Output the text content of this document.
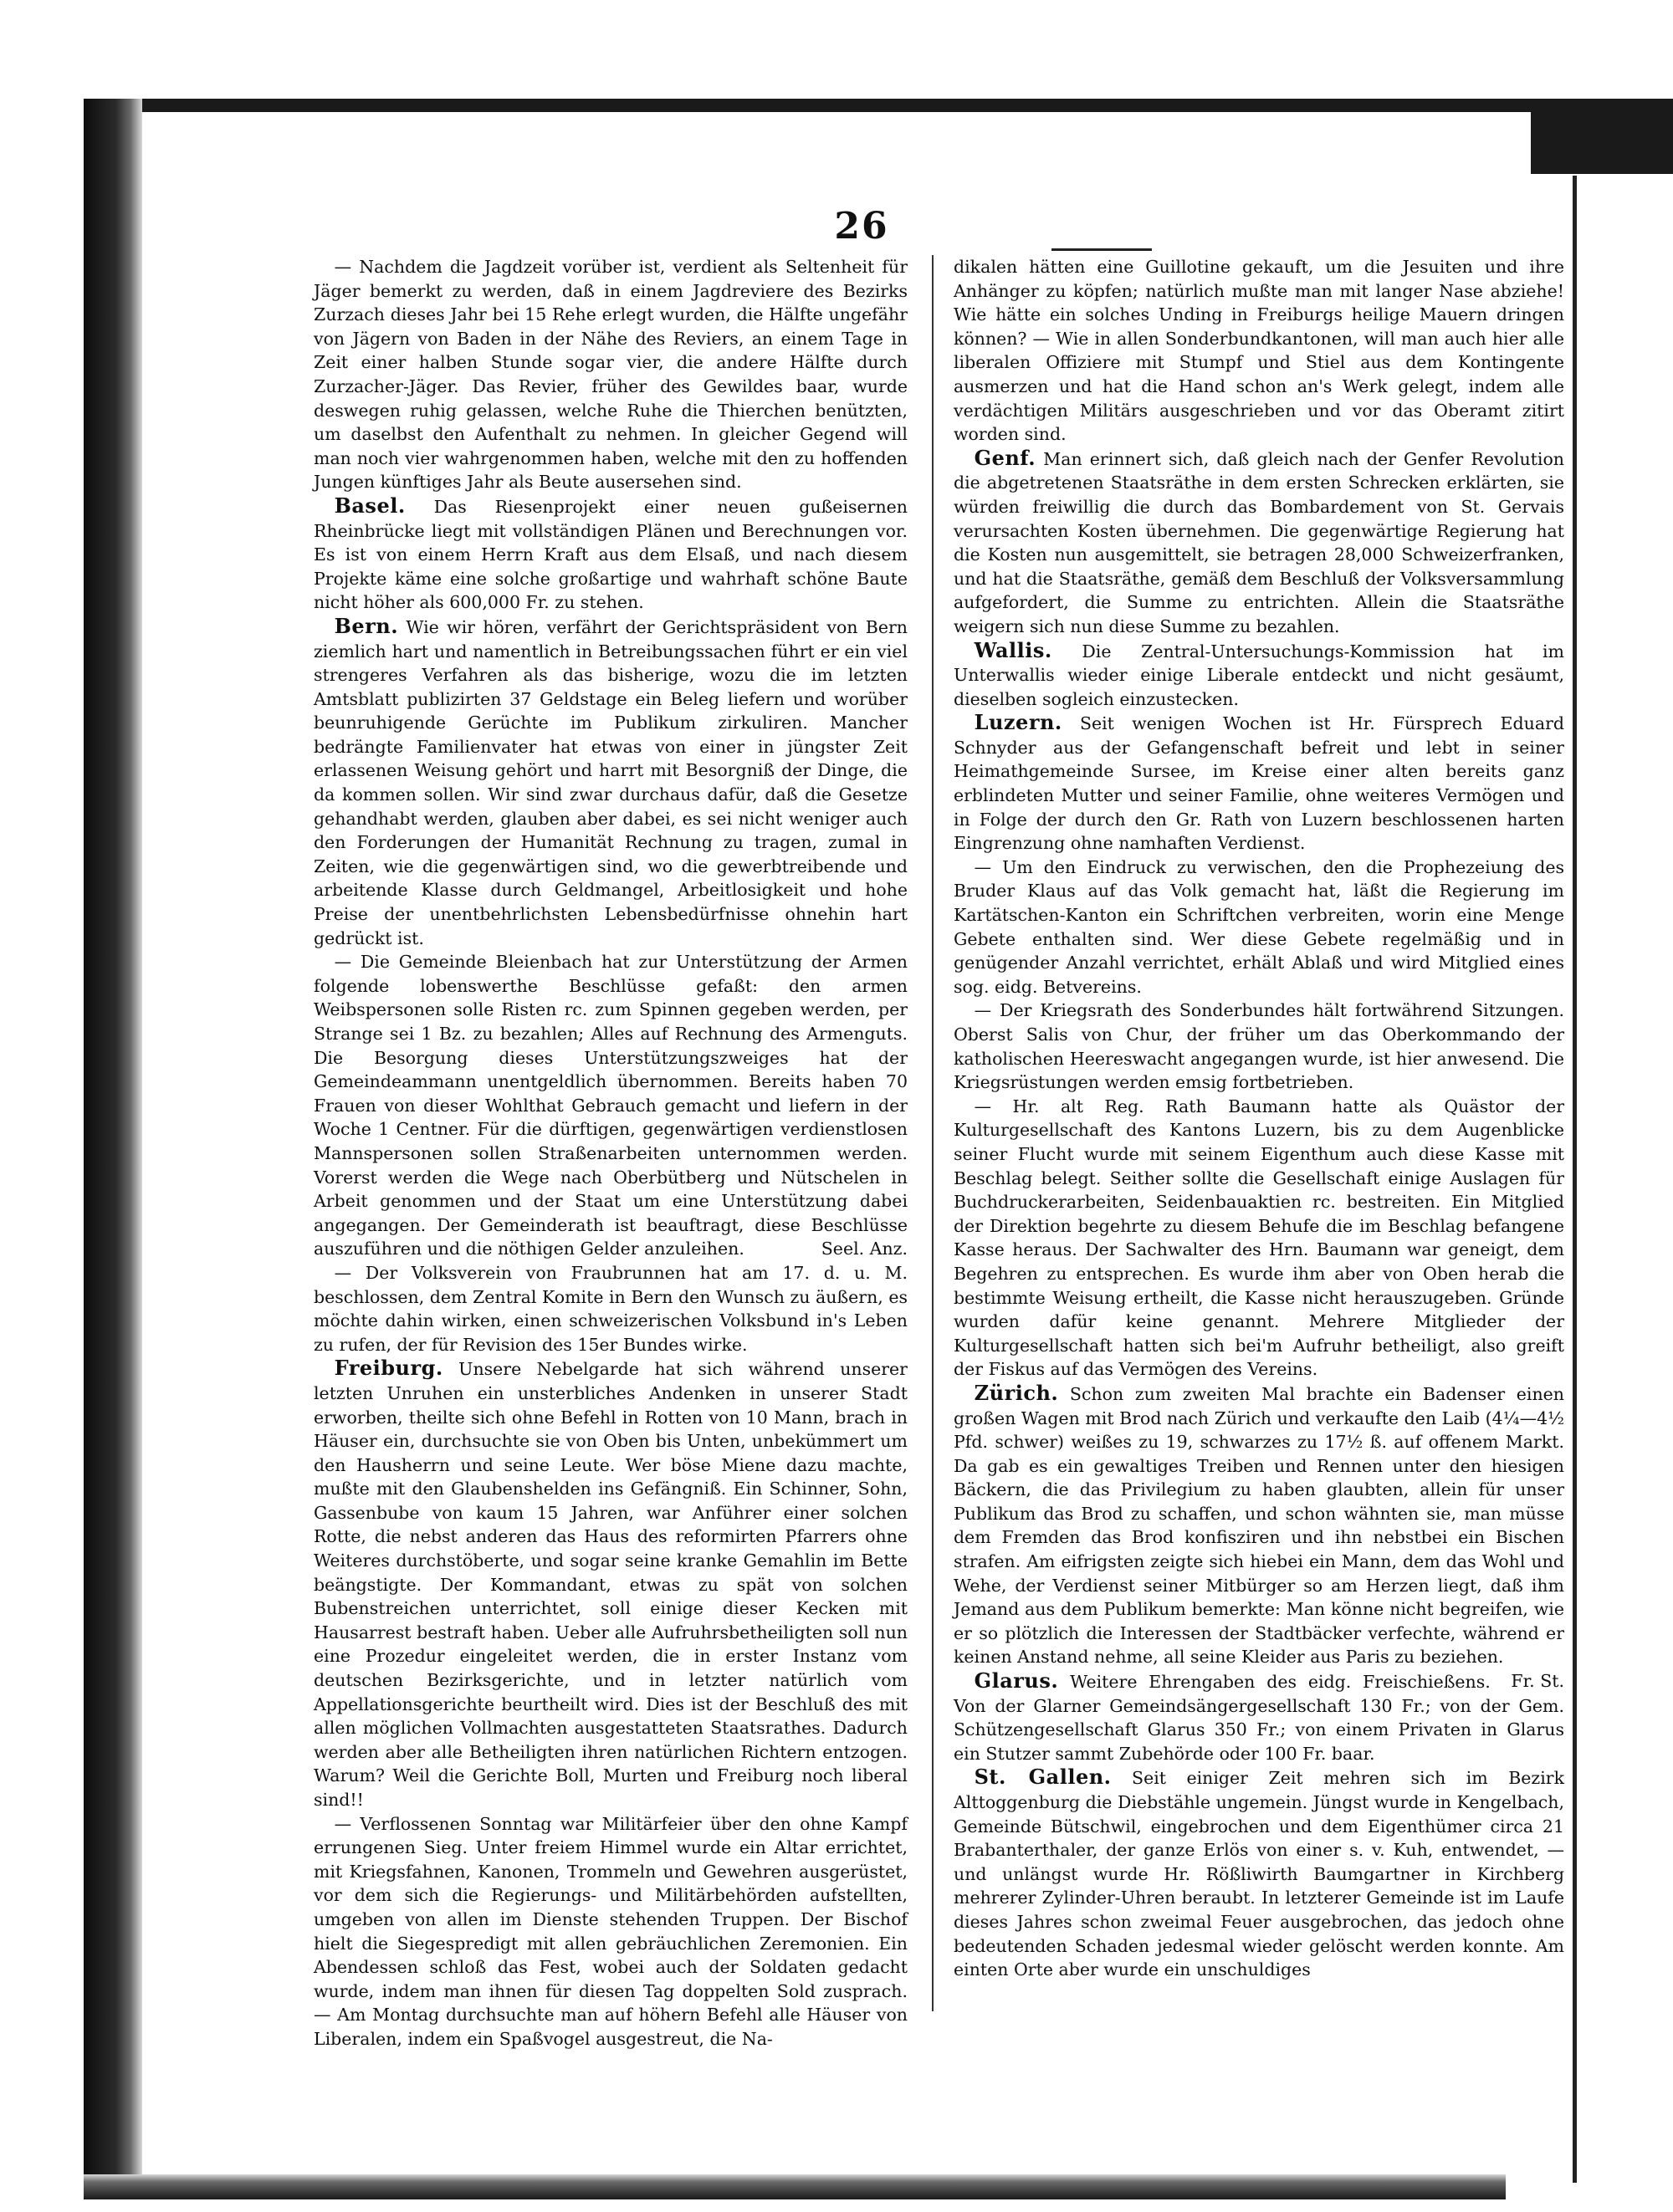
26

— Nachdem die Jagdzeit vorüber ist, verdient als Seltenheit für Jäger bemerkt zu werden, daß in einem Jagdreviere des Bezirks Zurzach dieses Jahr bei 15 Rehe erlegt wurden, die Hälfte ungefähr von Jägern von Baden in der Nähe des Reviers, an einem Tage in Zeit einer halben Stunde sogar vier, die andere Hälfte durch Zurzacher-Jäger. Das Revier, früher des Gewildes baar, wurde deswegen ruhig gelassen, welche Ruhe die Thierchen benützten, um daselbst den Aufenthalt zu nehmen. In gleicher Gegend will man noch vier wahrgenommen haben, welche mit den zu hoffenden Jungen künftiges Jahr als Beute ausersehen sind.

Basel. Das Riesenprojekt einer neuen gußeisernen Rheinbrücke liegt mit vollständigen Plänen und Berechnungen vor. Es ist von einem Herrn Kraft aus dem Elsaß, und nach diesem Projekte käme eine solche großartige und wahrhaft schöne Baute nicht höher als 600,000 Fr. zu stehen.

Bern. Wie wir hören, verfährt der Gerichtspräsident von Bern ziemlich hart und namentlich in Betreibungssachen führt er ein viel strengeres Verfahren als das bisherige, wozu die im letzten Amtsblatt publizirten 37 Geldstage ein Beleg liefern und worüber beunruhigende Gerüchte im Publikum zirkuliren. Mancher bedrängte Familienvater hat etwas von einer in jüngster Zeit erlassenen Weisung gehört und harrt mit Besorgniß der Dinge, die da kommen sollen. Wir sind zwar durchaus dafür, daß die Gesetze gehandhabt werden, glauben aber dabei, es sei nicht weniger auch den Forderungen der Humanität Rechnung zu tragen, zumal in Zeiten, wie die gegenwärtigen sind, wo die gewerbtreibende und arbeitende Klasse durch Geldmangel, Arbeitlosigkeit und hohe Preise der unentbehrlichsten Lebensbedürfnisse ohnehin hart gedrückt ist.

— Die Gemeinde Bleienbach hat zur Unterstützung der Armen folgende lobenswerthe Beschlüsse gefaßt: den armen Weibspersonen solle Risten rc. zum Spinnen gegeben werden, per Strange sei 1 Bz. zu bezahlen; Alles auf Rechnung des Armenguts. Die Besorgung dieses Unterstützungszweiges hat der Gemeindeammann unentgeldlich übernommen. Bereits haben 70 Frauen von dieser Wohlthat Gebrauch gemacht und liefern in der Woche 1 Centner. Für die dürftigen, gegenwärtigen verdienstlosen Mannspersonen sollen Straßenarbeiten unternommen werden. Vorerst werden die Wege nach Oberbütberg und Nütschelen in Arbeit genommen und der Staat um eine Unterstützung dabei angegangen. Der Gemeinderath ist beauftragt, diese Beschlüsse auszuführen und die nöthigen Gelder anzuleihen.	Seel. Anz.

— Der Volksverein von Fraubrunnen hat am 17. d. u. M. beschlossen, dem Zentral Komite in Bern den Wunsch zu äußern, es möchte dahin wirken, einen schweizerischen Volksbund in's Leben zu rufen, der für Revision des 15er Bundes wirke.

Freiburg. Unsere Nebelgarde hat sich während unserer letzten Unruhen ein unsterbliches Andenken in unserer Stadt erworben, theilte sich ohne Befehl in Rotten von 10 Mann, brach in Häuser ein, durchsuchte sie von Oben bis Unten, unbekümmert um den Hausherrn und seine Leute. Wer böse Miene dazu machte, mußte mit den Glaubenshelden ins Gefängniß. Ein Schinner, Sohn, Gassenbube von kaum 15 Jahren, war Anführer einer solchen Rotte, die nebst anderen das Haus des reformirten Pfarrers ohne Weiteres durchstöberte, und sogar seine kranke Gemahlin im Bette beängstigte. Der Kommandant, etwas zu spät von solchen Bubenstreichen unterrichtet, soll einige dieser Kecken mit Hausarrest bestraft haben. Ueber alle Aufruhrsbetheiligten soll nun eine Prozedur eingeleitet werden, die in erster Instanz vom deutschen Bezirksgerichte, und in letzter natürlich vom Appellationsgerichte beurtheilt wird. Dies ist der Beschluß des mit allen möglichen Vollmachten ausgestatteten Staatsrathes. Dadurch werden aber alle Betheiligten ihren natürlichen Richtern entzogen. Warum? Weil die Gerichte Boll, Murten und Freiburg noch liberal sind!!

— Verflossenen Sonntag war Militärfeier über den ohne Kampf errungenen Sieg. Unter freiem Himmel wurde ein Altar errichtet, mit Kriegsfahnen, Kanonen, Trommeln und Gewehren ausgerüstet, vor dem sich die Regierungs- und Militärbehörden aufstellten, umgeben von allen im Dienste stehenden Truppen. Der Bischof hielt die Siegespredigt mit allen gebräuchlichen Zeremonien. Ein Abendessen schloß das Fest, wobei auch der Soldaten gedacht wurde, indem man ihnen für diesen Tag doppelten Sold zusprach. — Am Montag durchsuchte man auf höhern Befehl alle Häuser von Liberalen, indem ein Spaßvogel ausgestreut, die Na-

dikalen hätten eine Guillotine gekauft, um die Jesuiten und ihre Anhänger zu köpfen; natürlich mußte man mit langer Nase abziehe! Wie hätte ein solches Unding in Freiburgs heilige Mauern dringen können? — Wie in allen Sonderbundkantonen, will man auch hier alle liberalen Offiziere mit Stumpf und Stiel aus dem Kontingente ausmerzen und hat die Hand schon an's Werk gelegt, indem alle verdächtigen Militärs ausgeschrieben und vor das Oberamt zitirt worden sind.

Genf. Man erinnert sich, daß gleich nach der Genfer Revolution die abgetretenen Staatsräthe in dem ersten Schrecken erklärten, sie würden freiwillig die durch das Bombardement von St. Gervais verursachten Kosten übernehmen. Die gegenwärtige Regierung hat die Kosten nun ausgemittelt, sie betragen 28,000 Schweizerfranken, und hat die Staatsräthe, gemäß dem Beschluß der Volksversammlung aufgefordert, die Summe zu entrichten. Allein die Staatsräthe weigern sich nun diese Summe zu bezahlen.

Wallis. Die Zentral-Untersuchungs-Kommission hat im Unterwallis wieder einige Liberale entdeckt und nicht gesäumt, dieselben sogleich einzustecken.

Luzern. Seit wenigen Wochen ist Hr. Fürsprech Eduard Schnyder aus der Gefangenschaft befreit und lebt in seiner Heimathgemeinde Sursee, im Kreise einer alten bereits ganz erblindeten Mutter und seiner Familie, ohne weiteres Vermögen und in Folge der durch den Gr. Rath von Luzern beschlossenen harten Eingrenzung ohne namhaften Verdienst.

— Um den Eindruck zu verwischen, den die Prophezeiung des Bruder Klaus auf das Volk gemacht hat, läßt die Regierung im Kartätschen-Kanton ein Schriftchen verbreiten, worin eine Menge Gebete enthalten sind. Wer diese Gebete regelmäßig und in genügender Anzahl verrichtet, erhält Ablaß und wird Mitglied eines sog. eidg. Betvereins.

— Der Kriegsrath des Sonderbundes hält fortwährend Sitzungen. Oberst Salis von Chur, der früher um das Oberkommando der katholischen Heereswacht angegangen wurde, ist hier anwesend. Die Kriegsrüstungen werden emsig fortbetrieben.

— Hr. alt Reg. Rath Baumann hatte als Quästor der Kulturgesellschaft des Kantons Luzern, bis zu dem Augenblicke seiner Flucht wurde mit seinem Eigenthum auch diese Kasse mit Beschlag belegt. Seither sollte die Gesellschaft einige Auslagen für Buchdruckerarbeiten, Seidenbauaktien rc. bestreiten. Ein Mitglied der Direktion begehrte zu diesem Behufe die im Beschlag befangene Kasse heraus. Der Sachwalter des Hrn. Baumann war geneigt, dem Begehren zu entsprechen. Es wurde ihm aber von Oben herab die bestimmte Weisung ertheilt, die Kasse nicht herauszugeben. Gründe wurden dafür keine genannt. Mehrere Mitglieder der Kulturgesellschaft hatten sich bei'm Aufruhr betheiligt, also greift der Fiskus auf das Vermögen des Vereins.

Zürich. Schon zum zweiten Mal brachte ein Badenser einen großen Wagen mit Brod nach Zürich und verkaufte den Laib (4¼—4½ Pfd. schwer) weißes zu 19, schwarzes zu 17½ ß. auf offenem Markt. Da gab es ein gewaltiges Treiben und Rennen unter den hiesigen Bäckern, die das Privilegium zu haben glaubten, allein für unser Publikum das Brod zu schaffen, und schon wähnten sie, man müsse dem Fremden das Brod konfisziren und ihn nebstbei ein Bischen strafen. Am eifrigsten zeigte sich hiebei ein Mann, dem das Wohl und Wehe, der Verdienst seiner Mitbürger so am Herzen liegt, daß ihm Jemand aus dem Publikum bemerkte: Man könne nicht begreifen, wie er so plötzlich die Interessen der Stadtbäcker verfechte, während er keinen Anstand nehme, all seine Kleider aus Paris zu beziehen.
Fr. St.

Glarus. Weitere Ehrengaben des eidg. Freischießens. Von der Glarner Gemeindsängergesellschaft 130 Fr.; von der Gem. Schützengesellschaft Glarus 350 Fr.; von einem Privaten in Glarus ein Stutzer sammt Zubehörde oder 100 Fr. baar.

St. Gallen. Seit einiger Zeit mehren sich im Bezirk Alttoggenburg die Diebstähle ungemein. Jüngst wurde in Kengelbach, Gemeinde Bütschwil, eingebrochen und dem Eigenthümer circa 21 Brabanterthaler, der ganze Erlös von einer s. v. Kuh, entwendet, — und unlängst wurde Hr. Rößliwirth Baumgartner in Kirchberg mehrerer Zylinder-Uhren beraubt. In letzterer Gemeinde ist im Laufe dieses Jahres schon zweimal Feuer ausgebrochen, das jedoch ohne bedeutenden Schaden jedesmal wieder gelöscht werden konnte. Am einten Orte aber wurde ein unschuldiges
